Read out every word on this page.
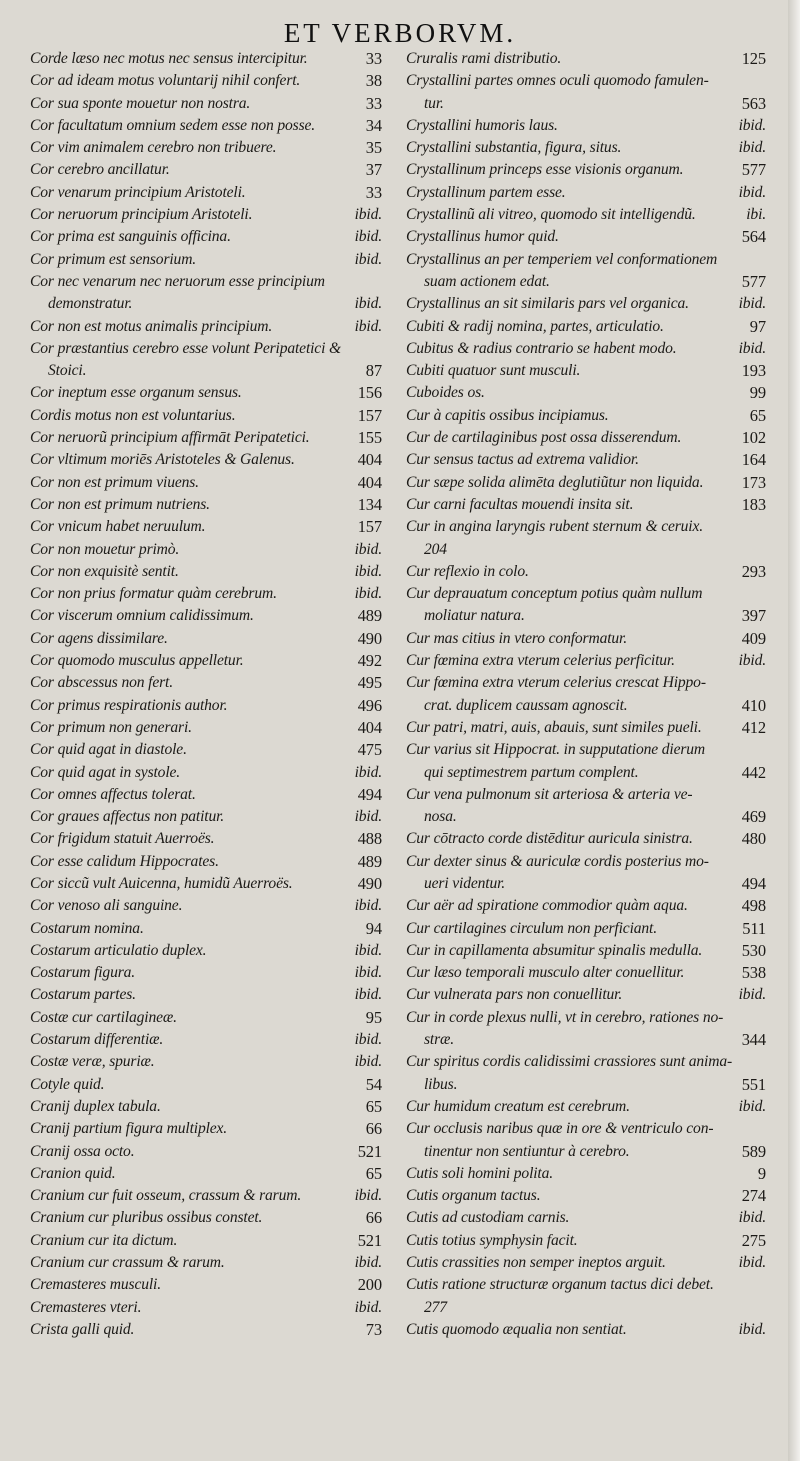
ET VERBORVM.
Corde læso nec motus nec sensus intercipitur.	33
Cor ad ideam motus voluntarij nihil confert.	38
Cor sua sponte mouetur non nostra.	33
Cor facultatum omnium sedem esse non posse.	34
Cor vim animalem cerebro non tribuere.	35
Cor cerebro ancillatur.	37
Cor venarum principium Aristoteli.	33
Cor neruorum principium Aristoteli.	ibid.
Cor prima est sanguinis officina.	ibid.
Cor primum est sensorium.	ibid.
Cor nec venarum nec neruorum esse principium
demonstratur.	ibid.
Cor non est motus animalis principium.	ibid.
Cor præstantius cerebro esse volunt Peripatetici &
Stoici.	87
Cor ineptum esse organum sensus.	156
Cordis motus non est voluntarius.	157
Cor neruorũ principium affirmāt Peripatetici.	155
Cor vltimum moriēs Aristoteles & Galenus.	404
Cor non est primum viuens.	404
Cor non est primum nutriens.	134
Cor vnicum habet neruulum.	157
Cor non mouetur primò.	ibid.
Cor non exquisitè sentit.	ibid.
Cor non prius formatur quàm cerebrum.	ibid.
Cor viscerum omnium calidissimum.	489
Cor agens dissimilare.	490
Cor quomodo musculus appelletur.	492
Cor abscessus non fert.	495
Cor primus respirationis author.	496
Cor primum non generari.	404
Cor quid agat in diastole.	475
Cor quid agat in systole.	ibid.
Cor omnes affectus tolerat.	494
Cor graues affectus non patitur.	ibid.
Cor frigidum statuit Auerroës.	488
Cor esse calidum Hippocrates.	489
Cor siccũ vult Auicenna, humidũ Auerroës.	490
Cor venoso ali sanguine.	ibid.
Costarum nomina.	94
Costarum articulatio duplex.	ibid.
Costarum figura.	ibid.
Costarum partes.	ibid.
Costæ cur cartilagineæ.	95
Costarum differentiæ.	ibid.
Costæ veræ, spuriæ.	ibid.
Cotyle quid.	54
Cranij duplex tabula.	65
Cranij partium figura multiplex.	66
Cranij ossa octo.	521
Cranion quid.	65
Cranium cur fuit osseum, crassum & rarum.	ibid.
Cranium cur pluribus ossibus constet.	66
Cranium cur ita dictum.	521
Cranium cur crassum & rarum.	ibid.
Cremasteres musculi.	200
Cremasteres vteri.	ibid.
Crista galli quid.	73
Cruralis rami distributio.	125
Crystallini partes omnes oculi quomodo famulen-
tur.	563
Crystallini humoris laus.	ibid.
Crystallini substantia, figura, situs.	ibid.
Crystallinum princeps esse visionis organum.	577
Crystallinum partem esse.	ibid.
Crystallinũ ali vitreo, quomodo sit intelligendũ.	ibi.
Crystallinus humor quid.	564
Crystallinus an per temperiem vel conformationem
suam actionem edat.	577
Crystallinus an sit similaris pars vel organica.	ibid.
Cubiti & radij nomina, partes, articulatio.	97
Cubitus & radius contrario se habent modo.	ibid.
Cubiti quatuor sunt musculi.	193
Cuboides os.	99
Cur à capitis ossibus incipiamus.	65
Cur de cartilaginibus post ossa disserendum.	102
Cur sensus tactus ad extrema validior.	164
Cur sæpe solida alimēta deglutiũtur non liquida. 173
Cur carni facultas mouendi insita sit.	183
Cur in angina laryngis rubent sternum & ceruix.
204
Cur reflexio in colo.	293
Cur deprauatum conceptum potius quàm nullum
moliatur natura.	397
Cur mas citius in vtero conformatur.	409
Cur fœmina extra vterum celerius perficitur.	ibid.
Cur fœmina extra vterum celerius crescat Hippo-
crat. duplicem caussam agnoscit.	410
Cur patri, matri, auis, abauis, sunt similes pueli. 412
Cur varius sit Hippocrat. in supputatione dierum
qui septimestrem partum complent.	442
Cur vena pulmonum sit arteriosa & arteria ve-
nosa.	469
Cur cōtracto corde distēditur auricula sinistra.	480
Cur dexter sinus & auriculæ cordis posterius mo-
ueri videntur.	494
Cur aër ad spiratione commodior quàm aqua.	498
Cur cartilagines circulum non perficiant.	511
Cur in capillamenta absumitur spinalis medulla. 530
Cur læso temporali musculo alter conuellitur.	538
Cur vulnerata pars non conuellitur.	ibid.
Cur in corde plexus nulli, vt in cerebro, rationes no-
stræ.	344
Cur spiritus cordis calidissimi crassiores sunt anima-
libus.	551
Cur humidum creatum est cerebrum.	ibid.
Cur occlusis naribus quæ in ore & ventriculo con-
tinentur non sentiuntur à cerebro.	589
Cutis soli homini polita.	9
Cutis organum tactus.	274
Cutis ad custodiam carnis.	ibid.
Cutis totius symphysin facit.	275
Cutis crassities non semper ineptos arguit.	ibid.
Cutis ratione structuræ organum tactus dici debet.
277
Cutis quomodo æqualia non sentiat.	ibid.
